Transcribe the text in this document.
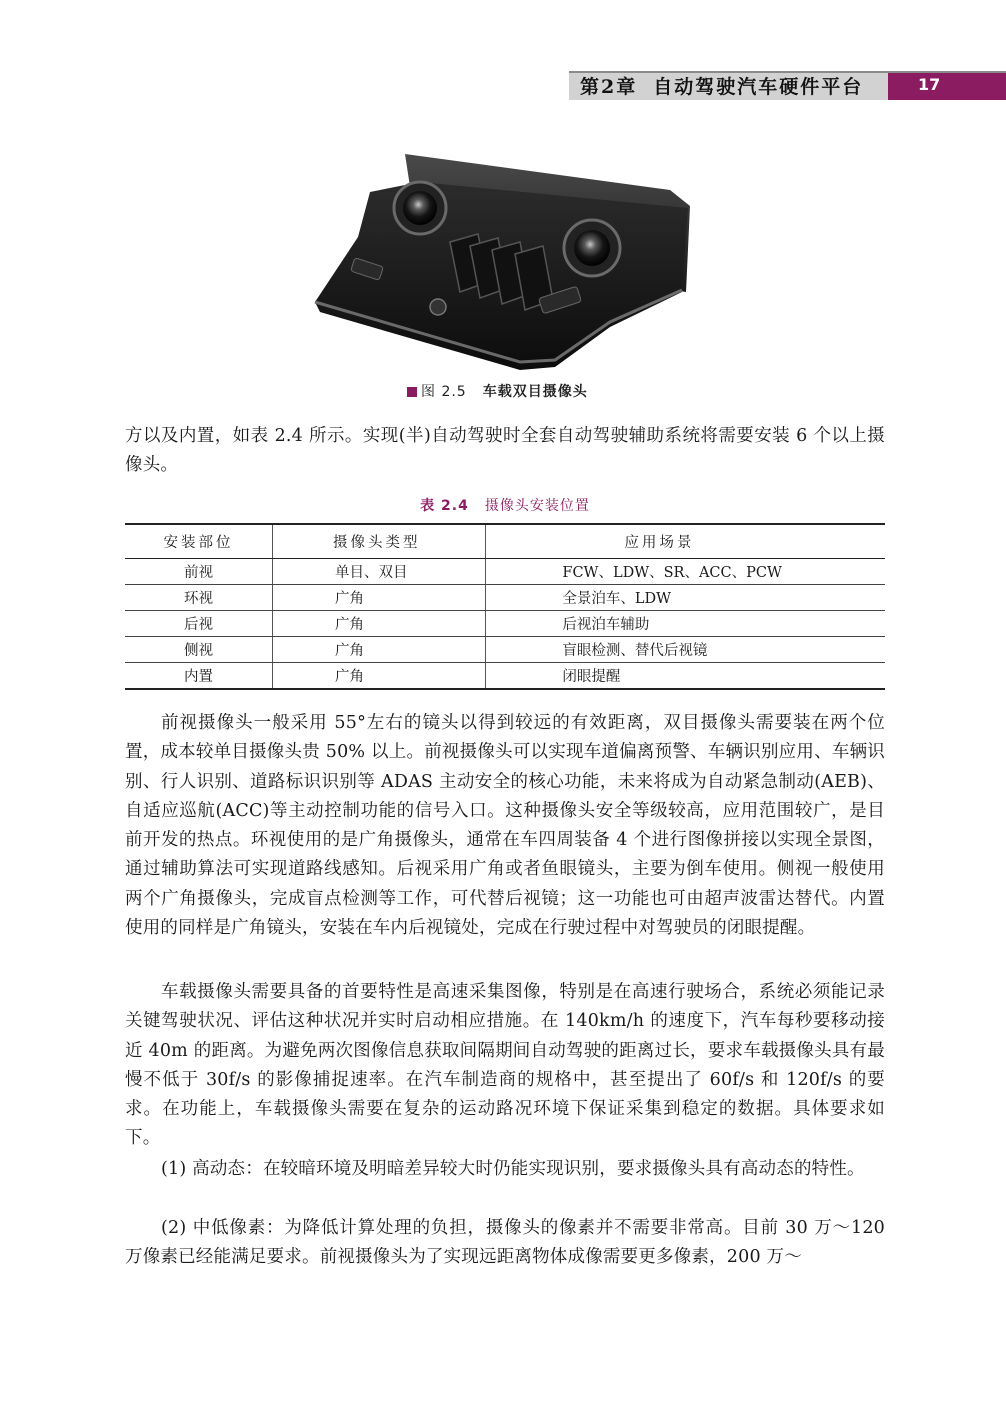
第2章 自动驾驶汽车硬件平台	17
图 2.5 车载双目摄像头
方以及内置，如表 2.4 所示。实现(半)自动驾驶时全套自动驾驶辅助系统将需要安装 6 个以上摄像头。
表 2.4 摄像头安装位置
安装部位	摄像头类型	应用场景
前视	单目、双目	FCW、LDW、SR、ACC、PCW
环视	广角	全景泊车、LDW
后视	广角	后视泊车辅助
侧视	广角	盲眼检测、替代后视镜
内置	广角	闭眼提醒
前视摄像头一般采用 55°左右的镜头以得到较远的有效距离，双目摄像头需要装在两个位置，成本较单目摄像头贵 50% 以上。前视摄像头可以实现车道偏离预警、车辆识别应用、车辆识别、行人识别、道路标识识别等 ADAS 主动安全的核心功能，未来将成为自动紧急制动(AEB)、自适应巡航(ACC)等主动控制功能的信号入口。这种摄像头安全等级较高，应用范围较广，是目前开发的热点。环视使用的是广角摄像头，通常在车四周装备 4 个进行图像拼接以实现全景图，通过辅助算法可实现道路线感知。后视采用广角或者鱼眼镜头，主要为倒车使用。侧视一般使用两个广角摄像头，完成盲点检测等工作，可代替后视镜；这一功能也可由超声波雷达替代。内置使用的同样是广角镜头，安装在车内后视镜处，完成在行驶过程中对驾驶员的闭眼提醒。
车载摄像头需要具备的首要特性是高速采集图像，特别是在高速行驶场合，系统必须能记录关键驾驶状况、评估这种状况并实时启动相应措施。在 140km/h 的速度下，汽车每秒要移动接近 40m 的距离。为避免两次图像信息获取间隔期间自动驾驶的距离过长，要求车载摄像头具有最慢不低于 30f/s 的影像捕捉速率。在汽车制造商的规格中，甚至提出了 60f/s 和 120f/s 的要求。在功能上，车载摄像头需要在复杂的运动路况环境下保证采集到稳定的数据。具体要求如下。
(1) 高动态：在较暗环境及明暗差异较大时仍能实现识别，要求摄像头具有高动态的特性。
(2) 中低像素：为降低计算处理的负担，摄像头的像素并不需要非常高。目前 30 万～120 万像素已经能满足要求。前视摄像头为了实现远距离物体成像需要更多像素，200 万～
